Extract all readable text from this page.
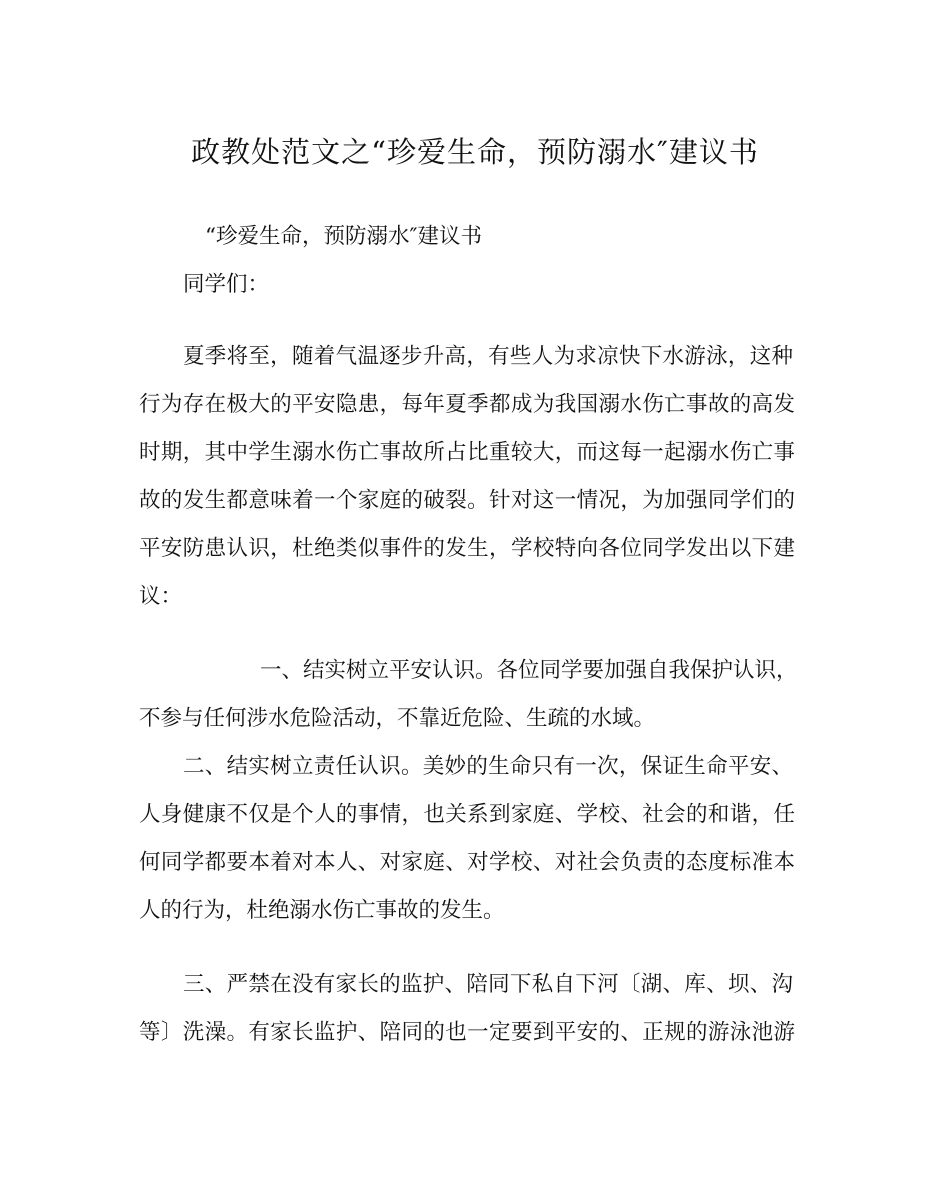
政教处范文之“珍爱生命，预防溺水″建议书

“珍爱生命，预防溺水″建议书

同学们：

夏季将至，随着气温逐步升高，有些人为求凉快下水游泳，这种

行为存在极大的平安隐患，每年夏季都成为我国溺水伤亡事故的高发

时期，其中学生溺水伤亡事故所占比重较大，而这每一起溺水伤亡事

故的发生都意味着一个家庭的破裂。针对这一情况，为加强同学们的

平安防患认识，杜绝类似事件的发生，学校特向各位同学发出以下建

议：

一、结实树立平安认识。各位同学要加强自我保护认识，

不参与任何涉水危险活动，不靠近危险、生疏的水域。

二、结实树立责任认识。美妙的生命只有一次，保证生命平安、

人身健康不仅是个人的事情，也关系到家庭、学校、社会的和谐，任

何同学都要本着对本人、对家庭、对学校、对社会负责的态度标准本

人的行为，杜绝溺水伤亡事故的发生。

三、严禁在没有家长的监护、陪同下私自下河〔湖、库、坝、沟

等〕洗澡。有家长监护、陪同的也一定要到平安的、正规的游泳池游
